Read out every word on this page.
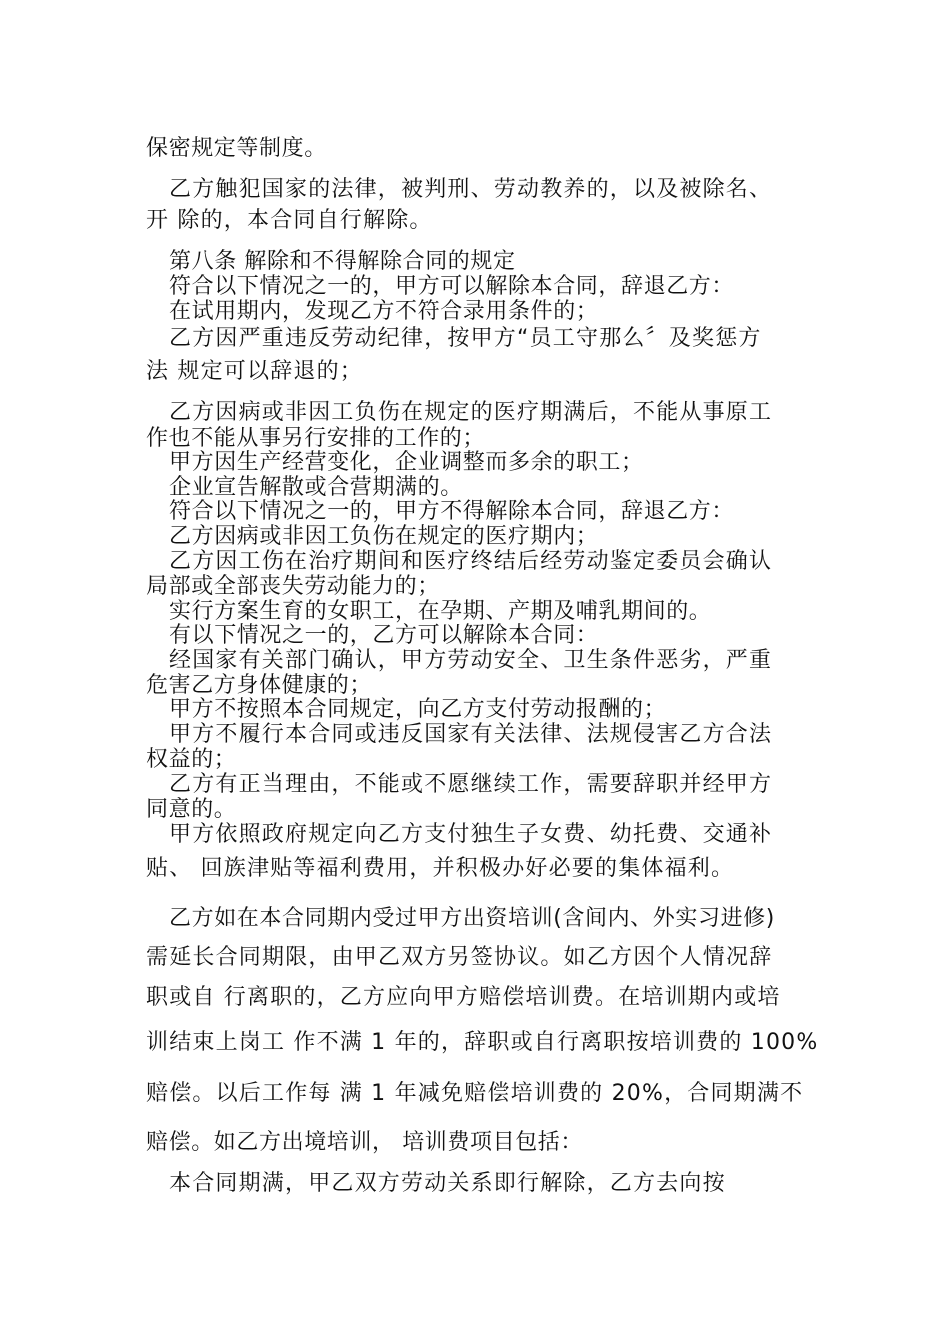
保密规定等制度。
乙方触犯国家的法律，被判刑、劳动教养的，以及被除名、
开 除的，本合同自行解除。
第八条 解除和不得解除合同的规定
符合以下情况之一的，甲方可以解除本合同，辞退乙方：
在试用期内，发现乙方不符合录用条件的；
乙方因严重违反劳动纪律，按甲方“员工守那么〞及奖惩方
法 规定可以辞退的；
乙方因病或非因工负伤在规定的医疗期满后，不能从事原工
作也不能从事另行安排的工作的；
甲方因生产经营变化，企业调整而多余的职工；
企业宣告解散或合营期满的。
符合以下情况之一的，甲方不得解除本合同，辞退乙方：
乙方因病或非因工负伤在规定的医疗期内；
乙方因工伤在治疗期间和医疗终结后经劳动鉴定委员会确认
局部或全部丧失劳动能力的；
实行方案生育的女职工，在孕期、产期及哺乳期间的。
有以下情况之一的，乙方可以解除本合同：
经国家有关部门确认，甲方劳动安全、卫生条件恶劣，严重
危害乙方身体健康的；
甲方不按照本合同规定，向乙方支付劳动报酬的；
甲方不履行本合同或违反国家有关法律、法规侵害乙方合法
权益的；
乙方有正当理由，不能或不愿继续工作，需要辞职并经甲方
同意的。
甲方依照政府规定向乙方支付独生子女费、幼托费、交通补
贴、 回族津贴等福利费用，并积极办好必要的集体福利。
乙方如在本合同期内受过甲方出资培训(含间内、外实习进修)
需延长合同期限，由甲乙双方另签协议。如乙方因个人情况辞
职或自 行离职的，乙方应向甲方赔偿培训费。在培训期内或培
训结束上岗工 作不满 1 年的，辞职或自行离职按培训费的 100%
赔偿。以后工作每 满 1 年减免赔偿培训费的 20%，合同期满不
赔偿。如乙方出境培训， 培训费项目包括：
本合同期满，甲乙双方劳动关系即行解除，乙方去向按
